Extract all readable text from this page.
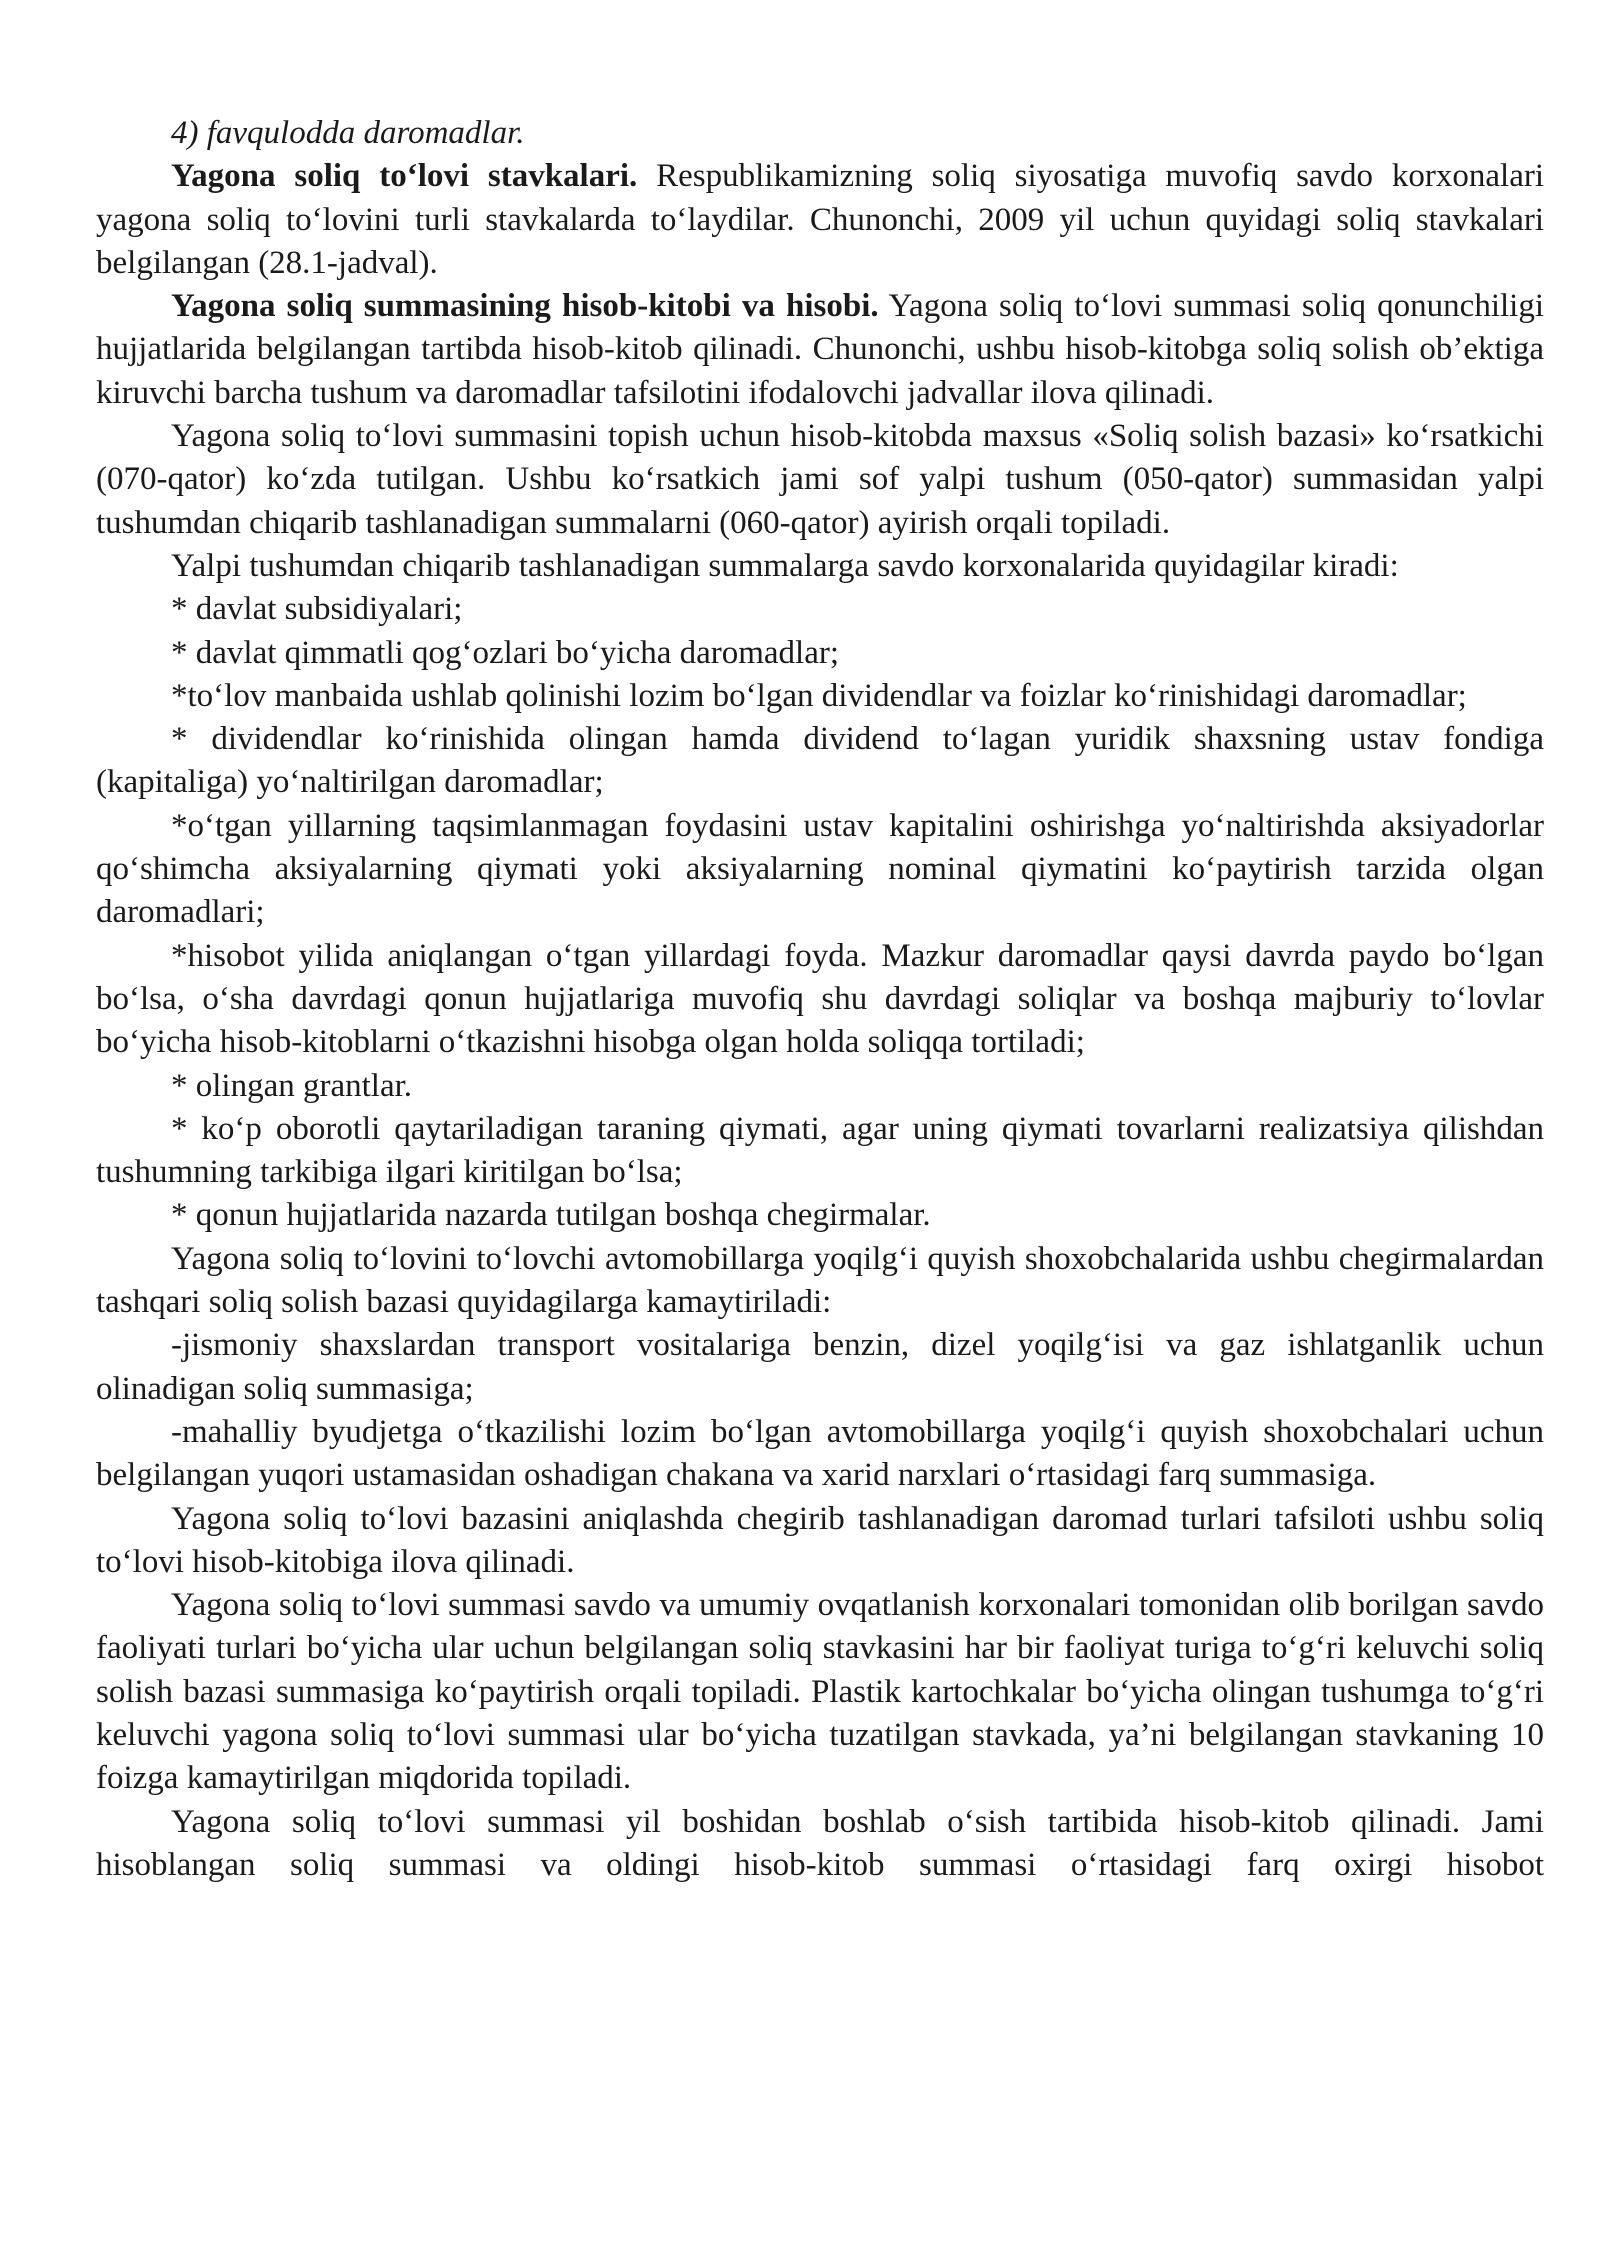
4) favqulodda daromadlar.

Yagona soliq to‘lovi stavkalari. Respublikamizning soliq siyosatiga muvofiq savdo korxonalari yagona soliq to‘lovini turli stavkalarda to‘laydilar. Chunonchi, 2009 yil uchun quyidagi soliq stavkalari belgilangan (28.1-jadval).

Yagona soliq summasining hisob-kitobi va hisobi. Yagona soliq to‘lovi summasi soliq qonunchiligi hujjatlarida belgilangan tartibda hisob-kitob qilinadi. Chunonchi, ushbu hisob-kitobga soliq solish ob’ektiga kiruvchi barcha tushum va daromadlar tafsilotini ifodalovchi jadvallar ilova qilinadi.

Yagona soliq to‘lovi summasini topish uchun hisob-kitobda maxsus «Soliq solish bazasi» ko‘rsatkichi (070-qator) ko‘zda tutilgan. Ushbu ko‘rsatkich jami sof yalpi tushum (050-qator) summasidan yalpi tushumdan chiqarib tashlanadigan summalarni (060-qator) ayirish orqali topiladi.

Yalpi tushumdan chiqarib tashlanadigan summalarga savdo korxonalarida quyidagilar kiradi:

* davlat subsidiyalari;

* davlat qimmatli qog‘ozlari bo‘yicha daromadlar;

*to‘lov manbaida ushlab qolinishi lozim bo‘lgan dividendlar va foizlar ko‘rinishidagi daromadlar;

* dividendlar ko‘rinishida olingan hamda dividend to‘lagan yuridik shaxsning ustav fondiga (kapitaliga) yo‘naltirilgan daromadlar;

*o‘tgan yillarning taqsimlanmagan foydasini ustav kapitalini oshirishga yo‘naltirishda aksiyadorlar qo‘shimcha aksiyalarning qiymati yoki aksiyalarning nominal qiymatini ko‘paytirish tarzida olgan daromadlari;

*hisobot yilida aniqlangan o‘tgan yillardagi foyda. Mazkur daromadlar qaysi davrda paydo bo‘lgan bo‘lsa, o‘sha davrdagi qonun hujjatlariga muvofiq shu davrdagi soliqlar va boshqa majburiy to‘lovlar bo‘yicha hisob-kitoblarni o‘tkazishni hisobga olgan holda soliqqa tortiladi;

* olingan grantlar.

* ko‘p oborotli qaytariladigan taraning qiymati, agar uning qiymati tovarlarni realizatsiya qilishdan tushumning tarkibiga ilgari kiritilgan bo‘lsa;

* qonun hujjatlarida nazarda tutilgan boshqa chegirmalar.

Yagona soliq to‘lovini to‘lovchi avtomobillarga yoqilg‘i quyish shoxobchalarida ushbu chegirmalardan tashqari soliq solish bazasi quyidagilarga kamaytiriladi:

-jismoniy shaxslardan transport vositalariga benzin, dizel yoqilg‘isi va gaz ishlatganlik uchun olinadigan soliq summasiga;

-mahalliy byudjetga o‘tkazilishi lozim bo‘lgan avtomobillarga yoqilg‘i quyish shoxobchalari uchun belgilangan yuqori ustamasidan oshadigan chakana va xarid narxlari o‘rtasidagi farq summasiga.

Yagona soliq to‘lovi bazasini aniqlashda chegirib tashlanadigan daromad turlari tafsiloti ushbu soliq to‘lovi hisob-kitobiga ilova qilinadi.

Yagona soliq to‘lovi summasi savdo va umumiy ovqatlanish korxonalari tomonidan olib borilgan savdo faoliyati turlari bo‘yicha ular uchun belgilangan soliq stavkasini har bir faoliyat turiga to‘g‘ri keluvchi soliq solish bazasi summasiga ko‘paytirish orqali topiladi. Plastik kartochkalar bo‘yicha olingan tushumga to‘g‘ri keluvchi yagona soliq to‘lovi summasi ular bo‘yicha tuzatilgan stavkada, ya’ni belgilangan stavkaning 10 foizga kamaytirilgan miqdorida topiladi.

Yagona soliq to‘lovi summasi yil boshidan boshlab o‘sish tartibida hisob-kitob qilinadi. Jami hisoblangan soliq summasi va oldingi hisob-kitob summasi o‘rtasidagi farq oxirgi hisobot
